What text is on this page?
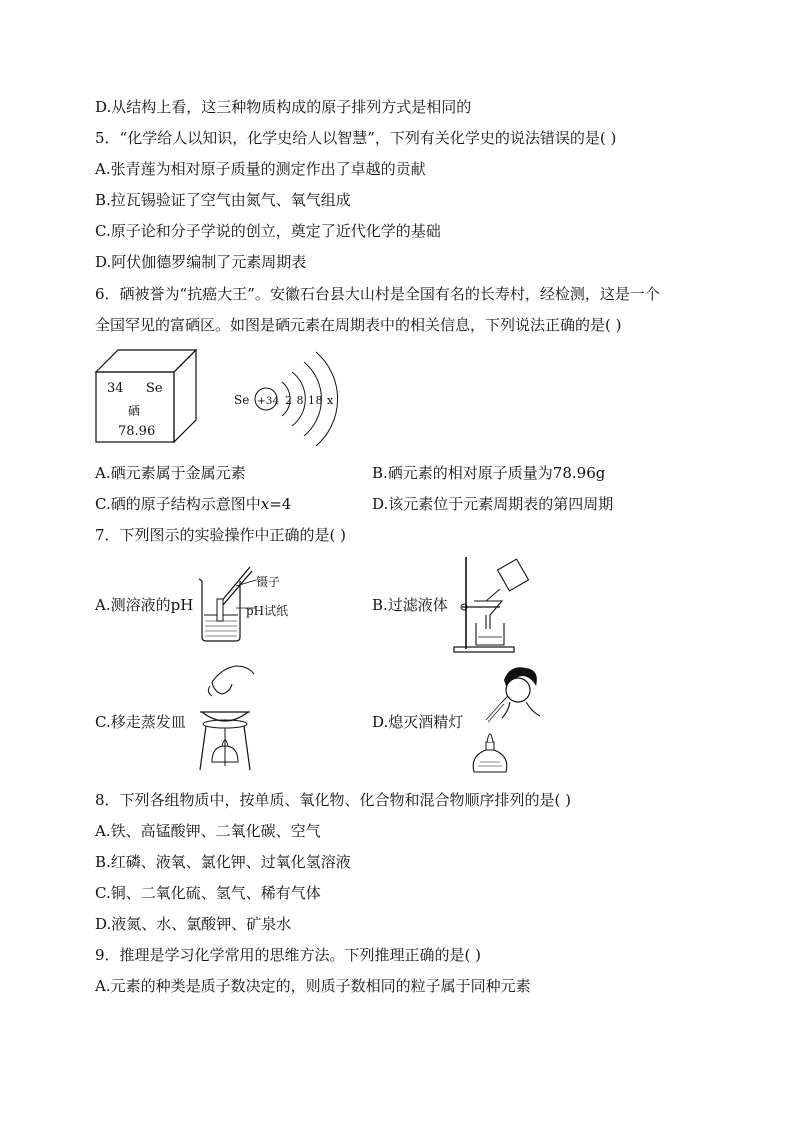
D.从结构上看，这三种物质构成的原子排列方式是相同的
5．“化学给人以知识，化学史给人以智慧”，下列有关化学史的说法错误的是( )
A.张青莲为相对原子质量的测定作出了卓越的贡献
B.拉瓦锡验证了空气由氮气、氧气组成
C.原子论和分子学说的创立，奠定了近代化学的基础
D.阿伏伽德罗编制了元素周期表
6．硒被誉为“抗癌大王”。安徽石台县大山村是全国有名的长寿村，经检测，这是一个
全国罕见的富硒区。如图是硒元素在周期表中的相关信息，下列说法正确的是( )
34 Se
硒
78.96
Se +34 2 8 18 x
A.硒元素属于金属元素	B.硒元素的相对原子质量为78.96g
C.硒的原子结构示意图中x=4	D.该元素位于元素周期表的第四周期
7．下列图示的实验操作中正确的是( )
A.测溶液的pH
镊子
pH试纸	B.过滤液体
C.移走蒸发皿	D.熄灭酒精灯
8．下列各组物质中，按单质、氧化物、化合物和混合物顺序排列的是( )
A.铁、高锰酸钾、二氧化碳、空气
B.红磷、液氧、氯化钾、过氧化氢溶液
C.铜、二氧化硫、氢气、稀有气体
D.液氮、水、氯酸钾、矿泉水
9．推理是学习化学常用的思维方法。下列推理正确的是( )
A.元素的种类是质子数决定的，则质子数相同的粒子属于同种元素
